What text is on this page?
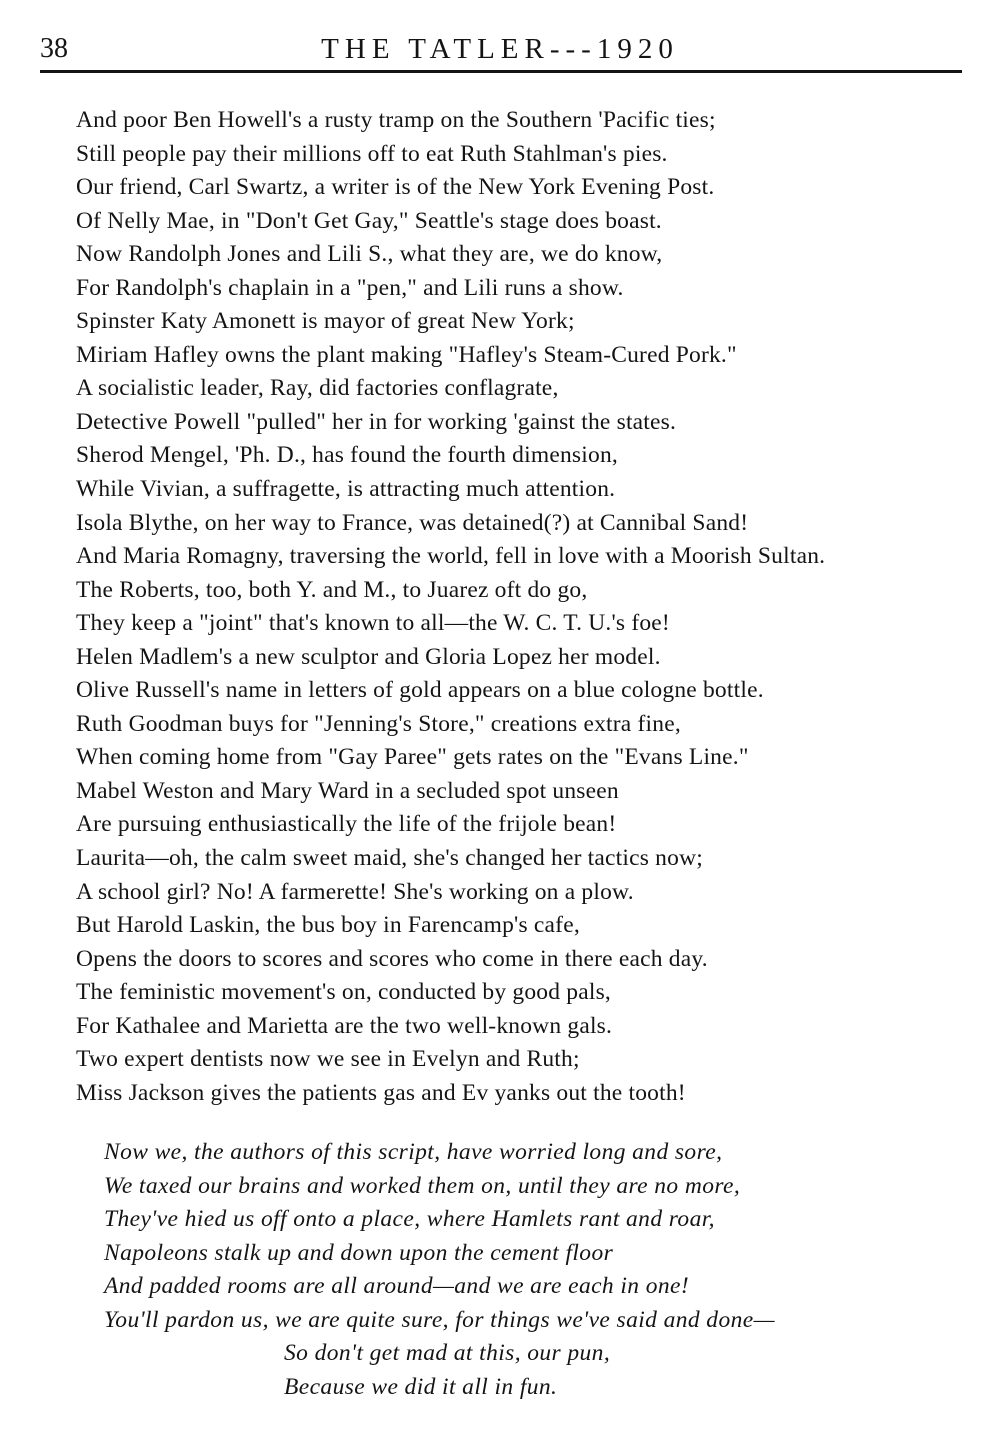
38	THE TATLER---1920
And poor Ben Howell's a rusty tramp on the Southern 'Pacific ties;
Still people pay their millions off to eat Ruth Stahlman's pies.
Our friend, Carl Swartz, a writer is of the New York Evening Post.
Of Nelly Mae, in "Don't Get Gay," Seattle's stage does boast.
Now Randolph Jones and Lili S., what they are, we do know,
For Randolph's chaplain in a "pen," and Lili runs a show.
Spinster Katy Amonett is mayor of great New York;
Miriam Hafley owns the plant making "Hafley's Steam-Cured Pork."
A socialistic leader, Ray, did factories conflagrate,
Detective Powell "pulled" her in for working 'gainst the states.
Sherod Mengel, 'Ph. D., has found the fourth dimension,
While Vivian, a suffragette, is attracting much attention.
Isola Blythe, on her way to France, was detained(?) at Cannibal Sand!
And Maria Romagny, traversing the world, fell in love with a Moorish Sultan.
The Roberts, too, both Y. and M., to Juarez oft do go,
They keep a "joint" that's known to all—the W. C. T. U.'s foe!
Helen Madlem's a new sculptor and Gloria Lopez her model.
Olive Russell's name in letters of gold appears on a blue cologne bottle.
Ruth Goodman buys for "Jenning's Store," creations extra fine,
When coming home from "Gay Paree" gets rates on the "Evans Line."
Mabel Weston and Mary Ward in a secluded spot unseen
Are pursuing enthusiastically the life of the frijole bean!
Laurita—oh, the calm sweet maid, she's changed her tactics now;
A school girl? No! A farmerette! She's working on a plow.
But Harold Laskin, the bus boy in Farencamp's cafe,
Opens the doors to scores and scores who come in there each day.
The feministic movement's on, conducted by good pals,
For Kathalee and Marietta are the two well-known gals.
Two expert dentists now we see in Evelyn and Ruth;
Miss Jackson gives the patients gas and Ev yanks out the tooth!
Now we, the authors of this script, have worried long and sore,
We taxed our brains and worked them on, until they are no more,
They've hied us off onto a place, where Hamlets rant and roar,
Napoleons stalk up and down upon the cement floor
And padded rooms are all around—and we are each in one!
You'll pardon us, we are quite sure, for things we've said and done—
So don't get mad at this, our pun,
Because we did it all in fun.
